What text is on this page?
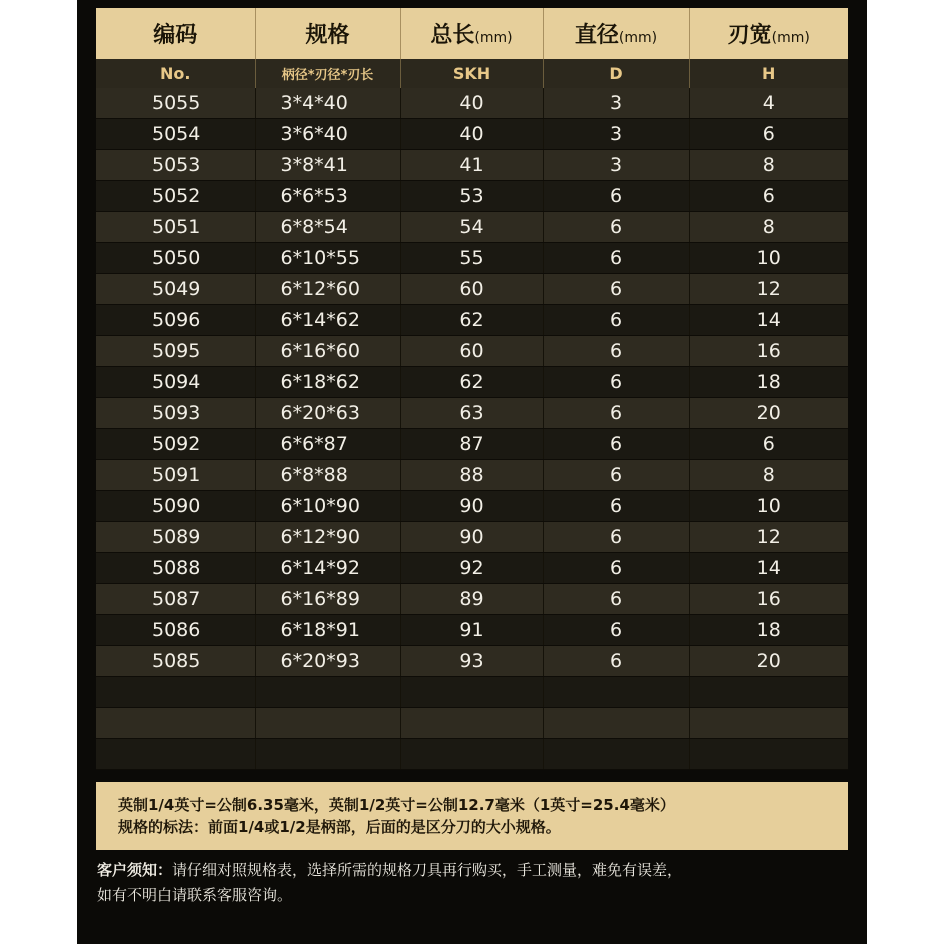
编码	规格	总长(mm)	直径(mm)	刃宽(mm)
No.	柄径*刃径*刃长	SKH	D	H
5055	3*4*40	40	3	4
5054	3*6*40	40	3	6
5053	3*8*41	41	3	8
5052	6*6*53	53	6	6
5051	6*8*54	54	6	8
5050	6*10*55	55	6	10
5049	6*12*60	60	6	12
5096	6*14*62	62	6	14
5095	6*16*60	60	6	16
5094	6*18*62	62	6	18
5093	6*20*63	63	6	20
5092	6*6*87	87	6	6
5091	6*8*88	88	6	8
5090	6*10*90	90	6	10
5089	6*12*90	90	6	12
5088	6*14*92	92	6	14
5087	6*16*89	89	6	16
5086	6*18*91	91	6	18
5085	6*20*93	93	6	20

英制1/4英寸=公制6.35毫米，英制1/2英寸=公制12.7毫米（1英寸=25.4毫米）

规格的标法：前面1/4或1/2是柄部，后面的是区分刀的大小规格。

客户须知：请仔细对照规格表，选择所需的规格刀具再行购买，手工测量，难免有误差，

如有不明白请联系客服咨询。
